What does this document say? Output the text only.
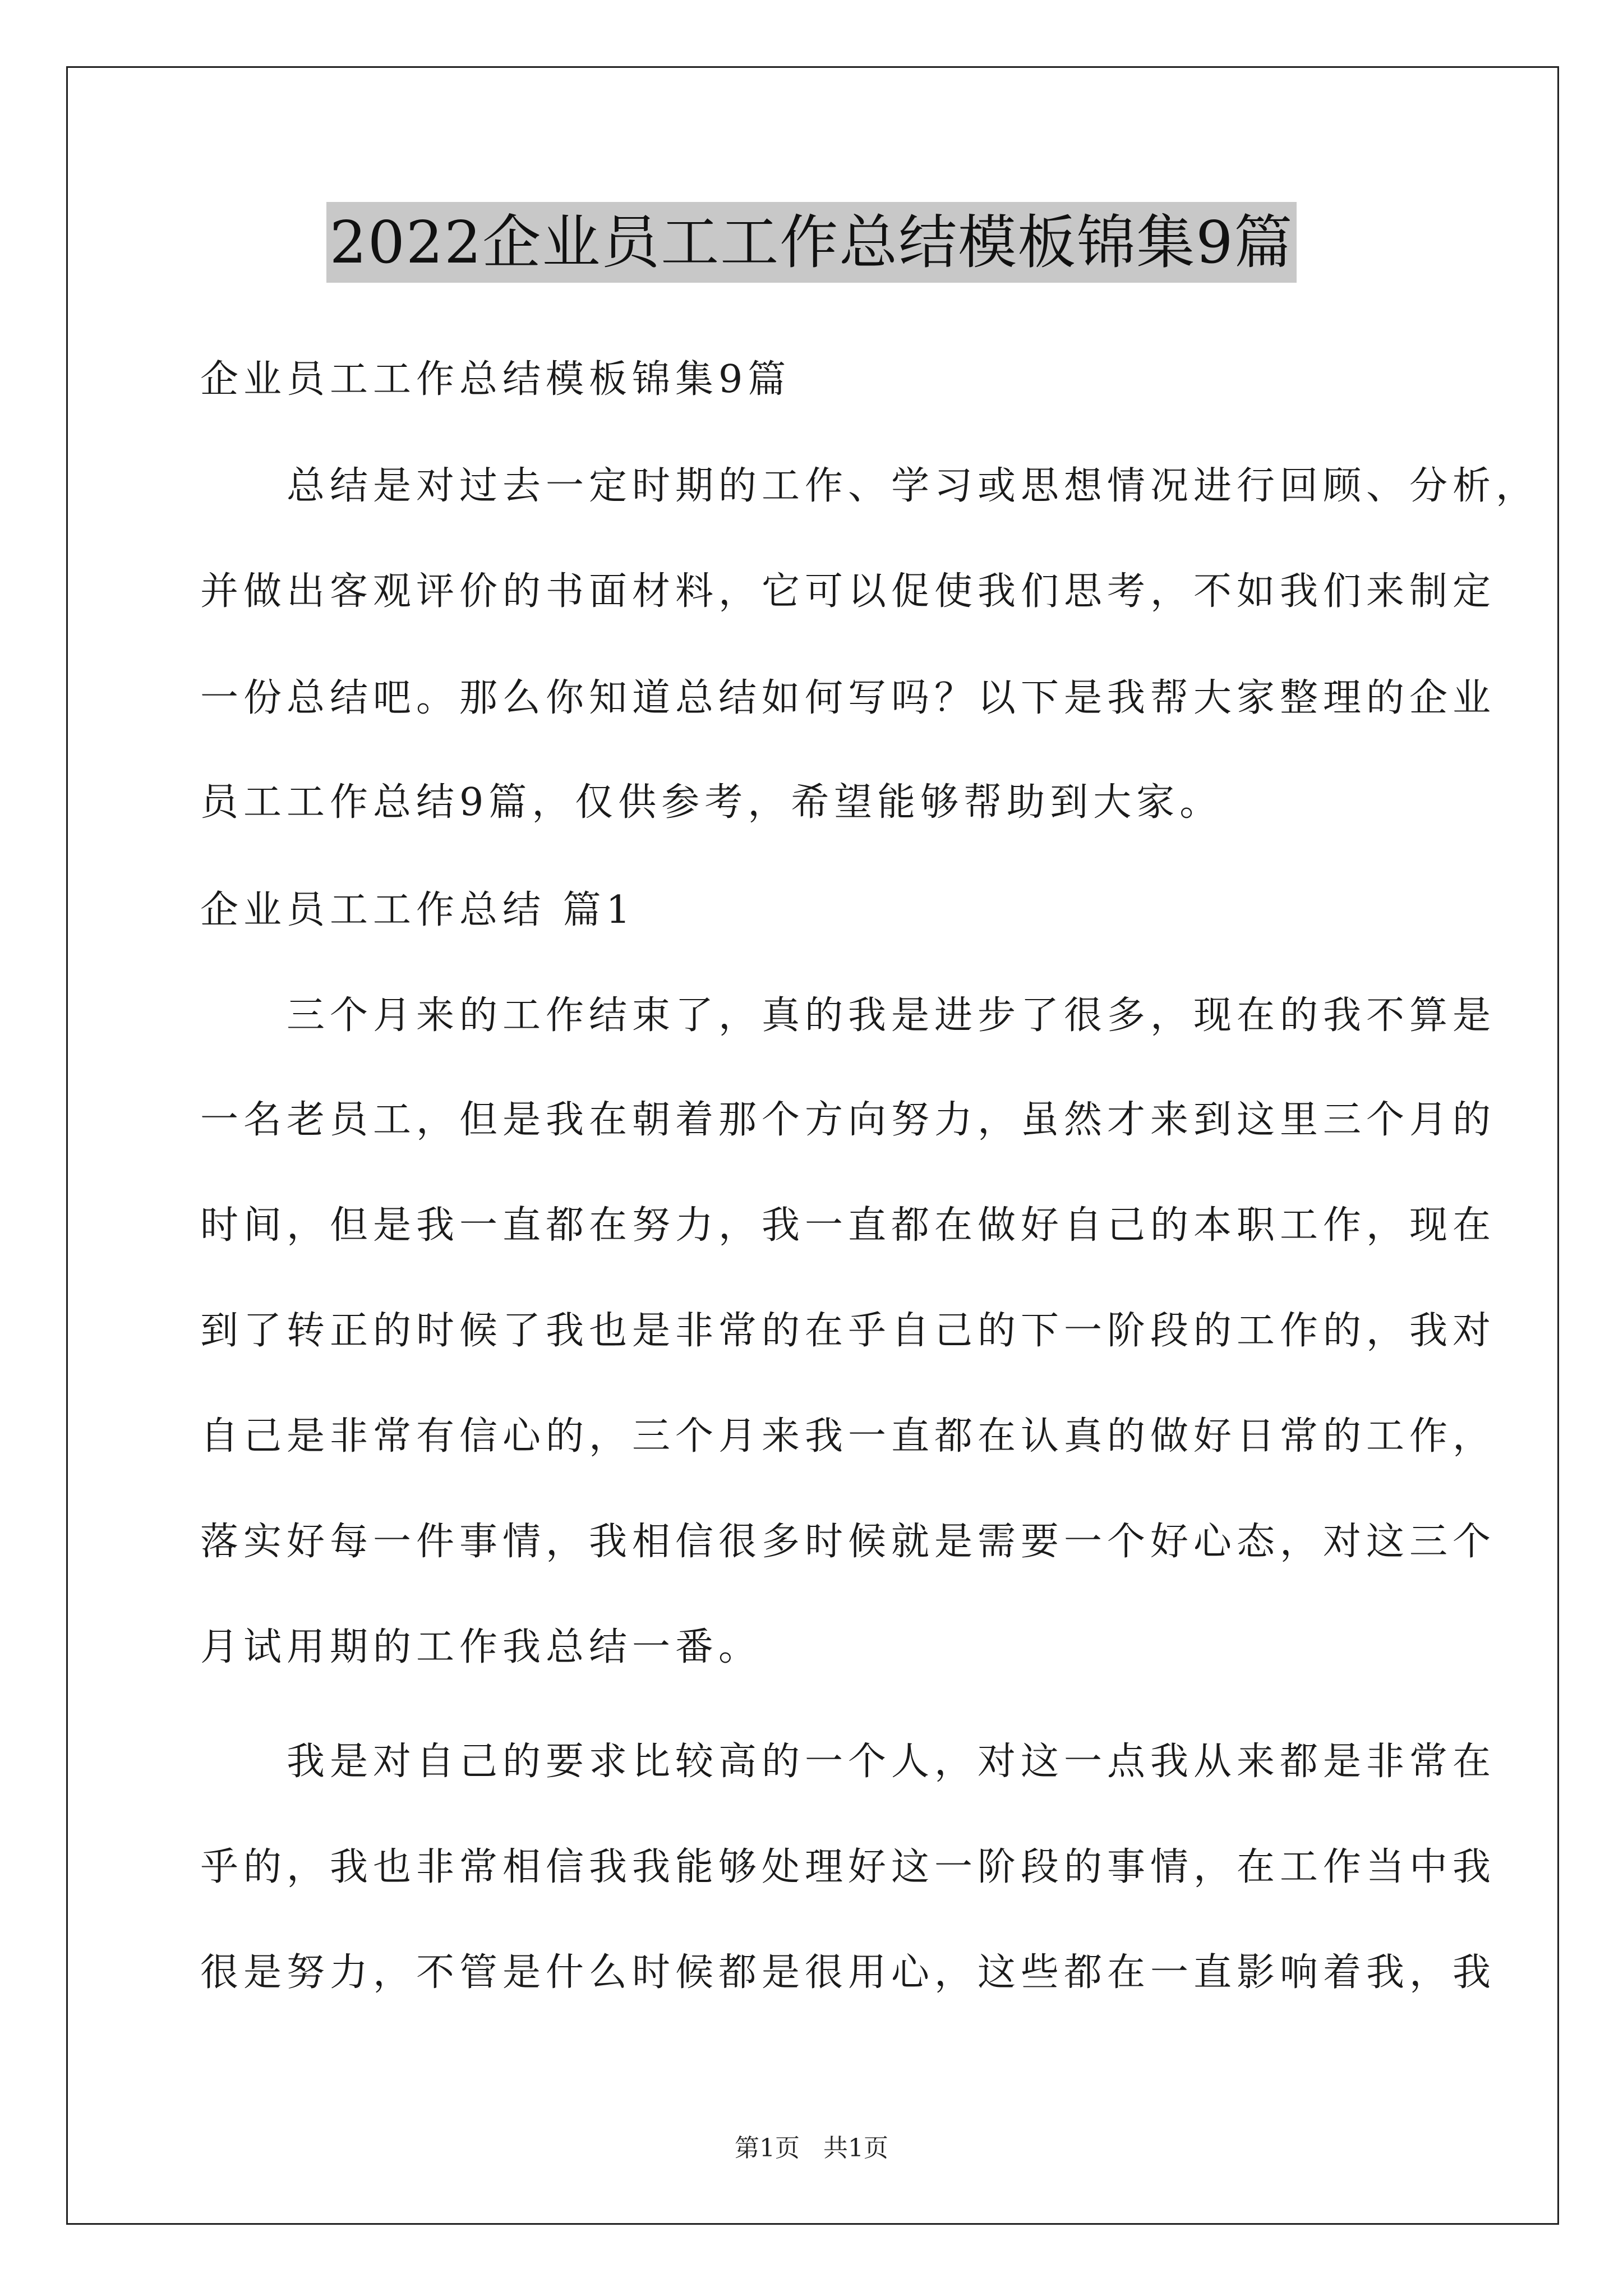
2022企业员工工作总结模板锦集9篇

企业员工工作总结模板锦集9篇

　　总结是对过去一定时期的工作、学习或思想情况进行回顾、分析，

并做出客观评价的书面材料，它可以促使我们思考，不如我们来制定

一份总结吧。那么你知道总结如何写吗？以下是我帮大家整理的企业

员工工作总结9篇，仅供参考，希望能够帮助到大家。

企业员工工作总结 篇1

　　三个月来的工作结束了，真的我是进步了很多，现在的我不算是

一名老员工，但是我在朝着那个方向努力，虽然才来到这里三个月的

时间，但是我一直都在努力，我一直都在做好自己的本职工作，现在

到了转正的时候了我也是非常的在乎自己的下一阶段的工作的，我对

自己是非常有信心的，三个月来我一直都在认真的做好日常的工作，

落实好每一件事情，我相信很多时候就是需要一个好心态，对这三个

月试用期的工作我总结一番。

　　我是对自己的要求比较高的一个人，对这一点我从来都是非常在

乎的，我也非常相信我我能够处理好这一阶段的事情，在工作当中我

很是努力，不管是什么时候都是很用心，这些都在一直影响着我，我

第1页 共1页
